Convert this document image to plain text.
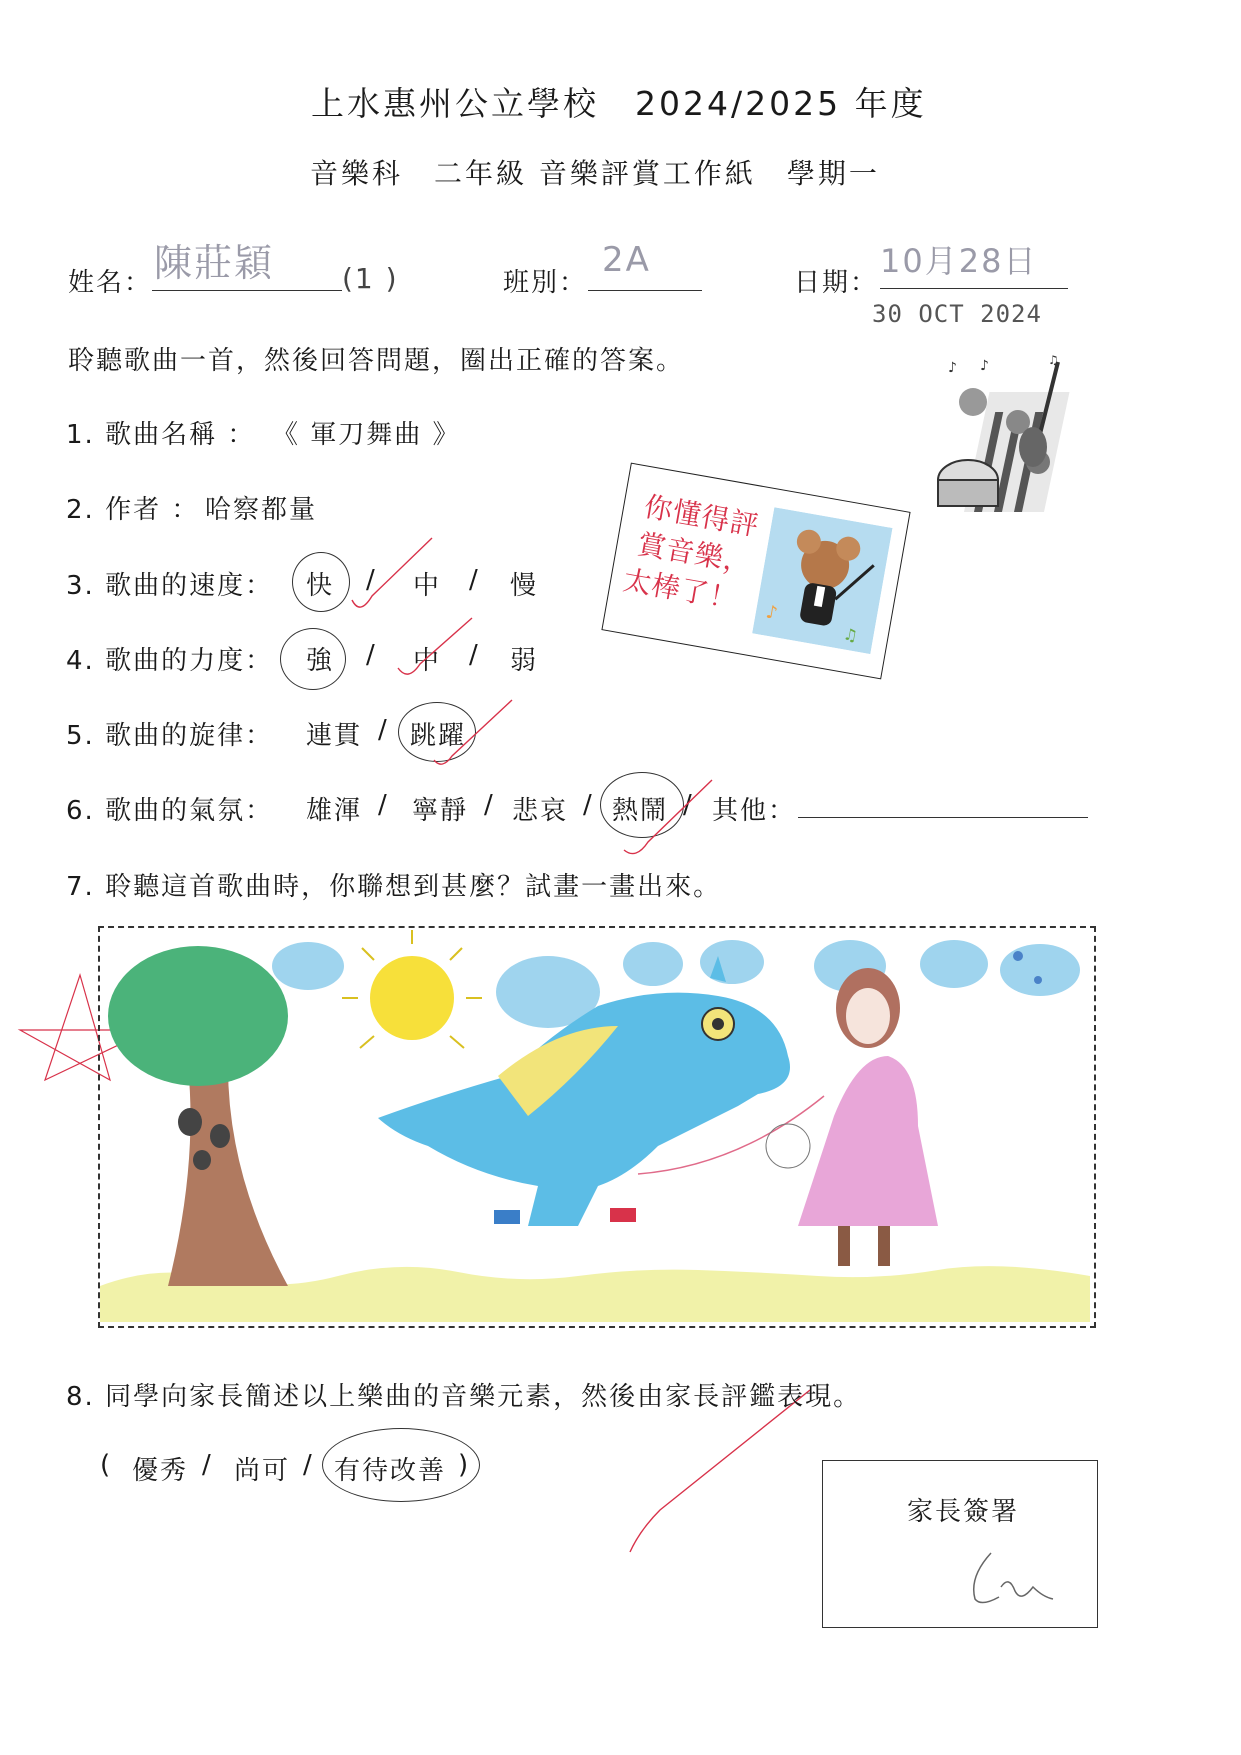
上水惠州公立學校　2024/2025 年度
音樂科　二年級 音樂評賞工作紙　學期一
姓名： 陳莊穎 (1 )	班別：
2A
日期：
10月28日
30 OCT 2024
聆聽歌曲一首，然後回答問題，圈出正確的答案。	♪ ♪	♫
1. 歌曲名稱 ： 《 軍刀舞曲 》
2. 作者 ： 哈察都量
3. 歌曲的速度： 快 / 中 / 慢
4. 歌曲的力度： 強 / 中 / 弱
5. 歌曲的旋律： 連貫 / 跳躍
6. 歌曲的氣氛： 雄渾 / 寧靜 / 悲哀 / 熱鬧 / 其他：
你懂得評
賞音樂，
太棒了！ ♪
♫
7. 聆聽這首歌曲時，你聯想到甚麼？試畫一畫出來。
8. 同學向家長簡述以上樂曲的音樂元素，然後由家長評鑑表現。
( 優秀 / 尚可 / 有待改善 )
家長簽署
